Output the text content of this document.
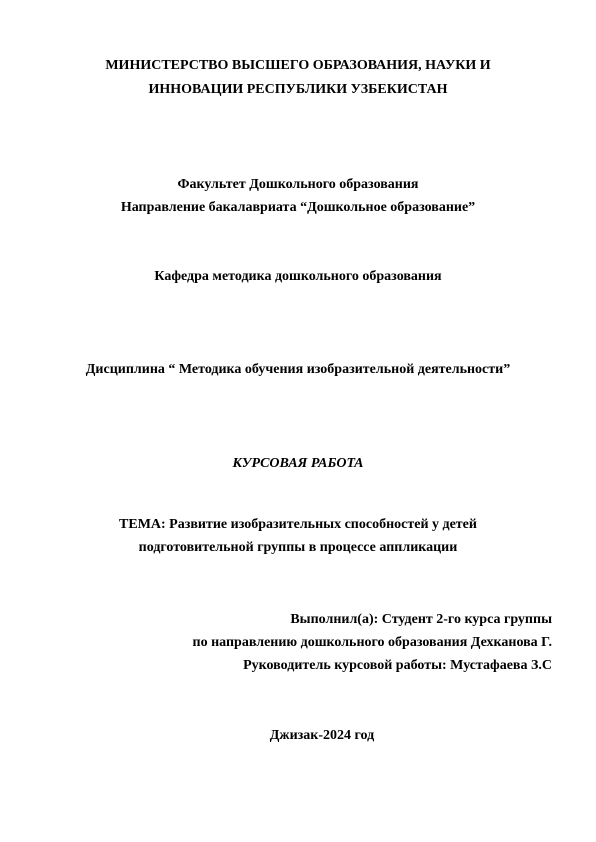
МИНИСТЕРСТВО ВЫСШЕГО ОБРАЗОВАНИЯ, НАУКИ И
ИННОВАЦИИ РЕСПУБЛИКИ УЗБЕКИСТАН
Факультет Дошкольного образования
Направление бакалавриата “Дошкольное образование”
Кафедра методика дошкольного образования
Дисциплина “ Методика обучения изобразительной деятельности”
КУРСОВАЯ РАБОТА
ТЕМА: Развитие изобразительных способностей у детей
подготовительной группы в процессе аппликации
Выполнил(а): Студент 2-го курса группы
по направлению дошкольного образования Дехканова Г.
Руководитель курсовой работы: Мустафаева З.С
Джизак-2024 год
